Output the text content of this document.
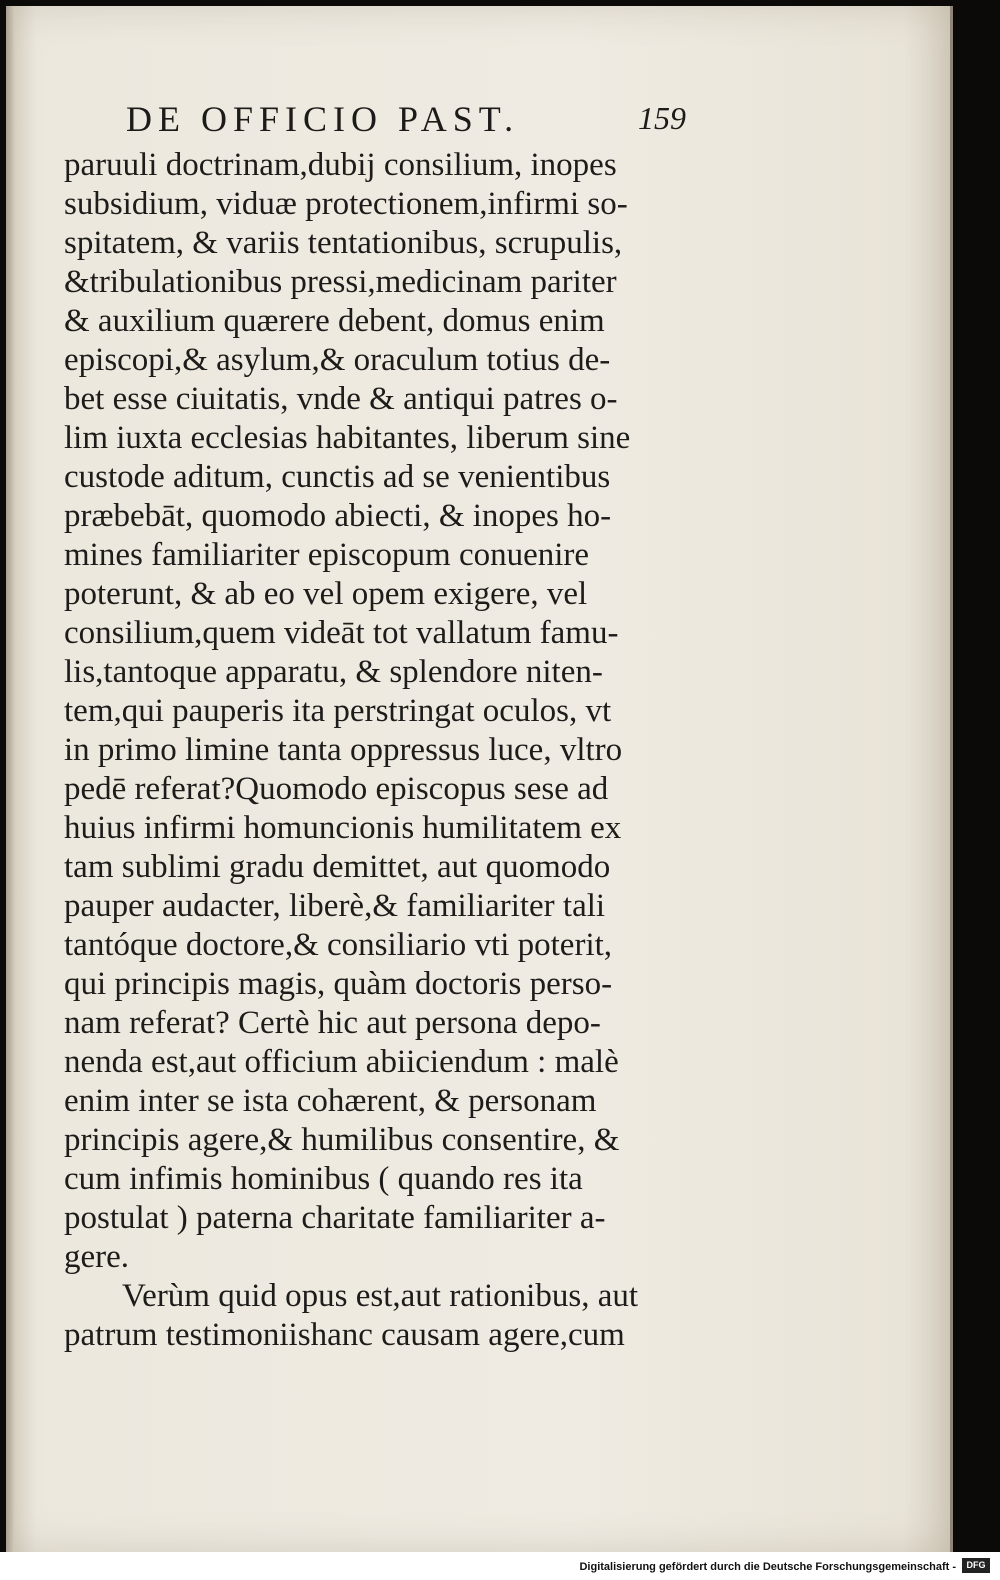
DE OFFICIO PAST.	159
paruuli doctrinam,dubij consilium, inopes
subsidium, viduæ protectionem,infirmi so-
spitatem, & variis tentationibus, scrupulis,
&tribulationibus pressi,medicinam pariter
& auxilium quærere debent, domus enim
episcopi,& asylum,& oraculum totius de-
bet esse ciuitatis, vnde & antiqui patres o-
lim iuxta ecclesias habitantes, liberum sine
custode aditum, cunctis ad se venientibus
præbebāt, quomodo abiecti, & inopes ho-
mines familiariter episcopum conuenire
poterunt, & ab eo vel opem exigere, vel
consilium,quem videāt tot vallatum famu-
lis,tantoque apparatu, & splendore niten-
tem,qui pauperis ita perstringat oculos, vt
in primo limine tanta oppressus luce, vltro
pedē referat?Quomodo episcopus sese ad
huius infirmi homuncionis humilitatem ex
tam sublimi gradu demittet, aut quomodo
pauper audacter, liberè,& familiariter tali
tantóque doctore,& consiliario vti poterit,
qui principis magis, quàm doctoris perso-
nam referat? Certè hic aut persona depo-
nenda est,aut officium abiiciendum : malè
enim inter se ista cohærent, & personam
principis agere,& humilibus consentire, &
cum infimis hominibus ( quando res ita
postulat ) paterna charitate familiariter a-
gere.
Verùm quid opus est,aut rationibus, aut
patrum testimoniishanc causam agere,cum
Digitalisierung gefördert durch die Deutsche Forschungsgemeinschaft -	DFG
